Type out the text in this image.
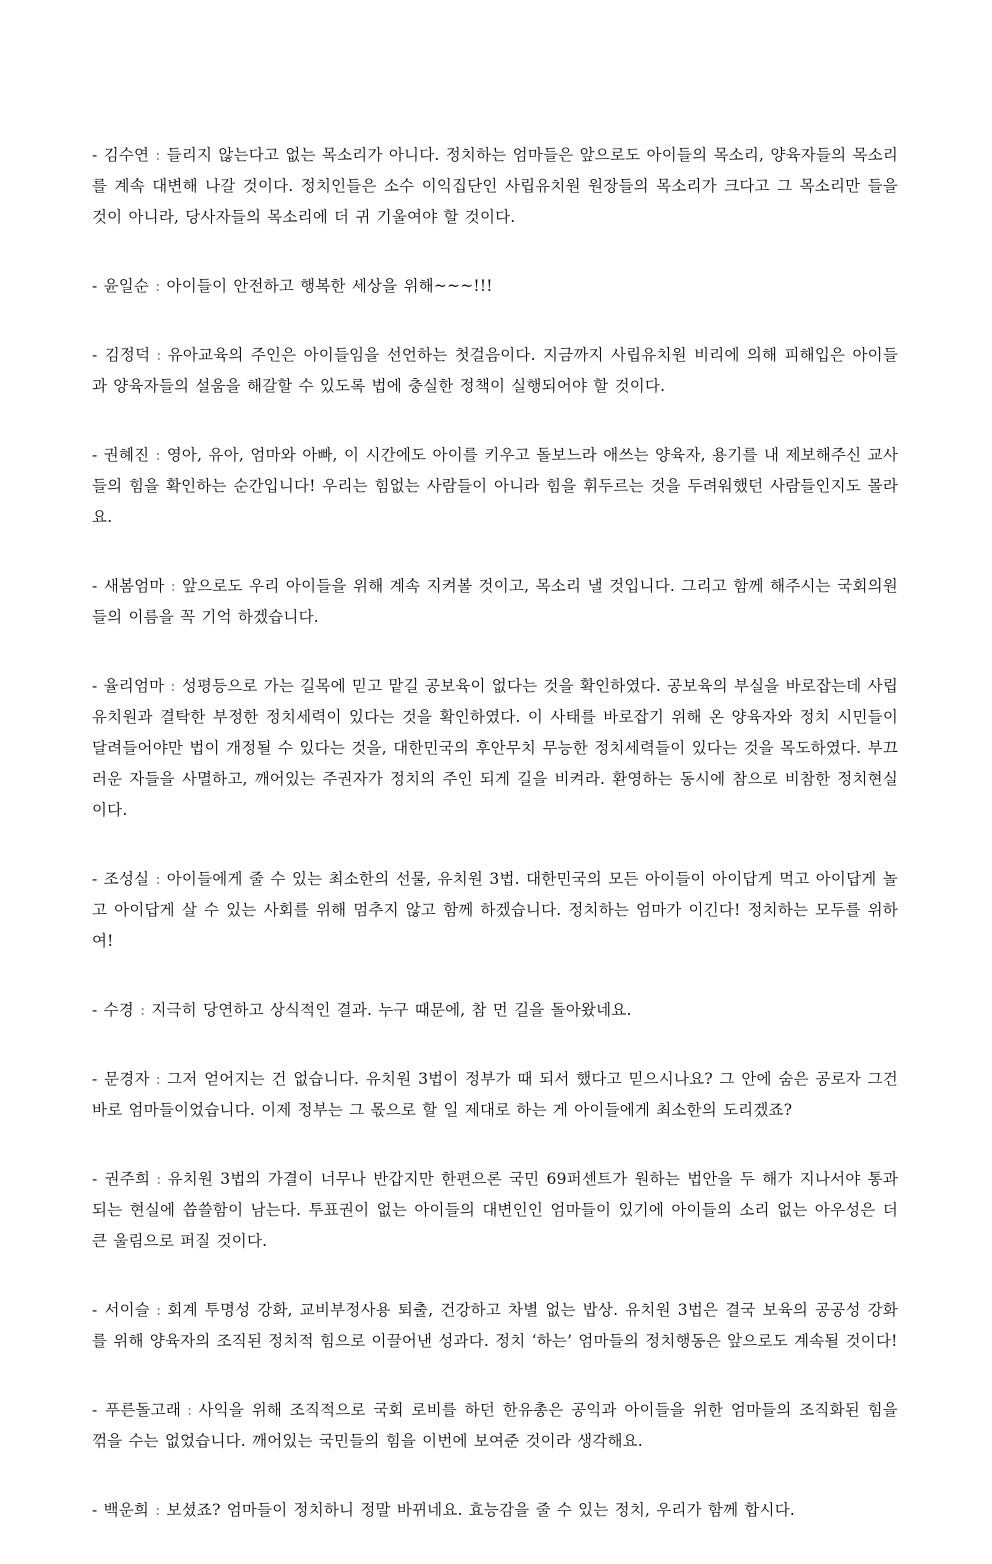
- 김수연 : 들리지 않는다고 없는 목소리가 아니다. 정치하는 엄마들은 앞으로도 아이들의 목소리, 양육자들의 목소리를 계속 대변해 나갈 것이다. 정치인들은 소수 이익집단인 사립유치원 원장들의 목소리가 크다고 그 목소리만 들을 것이 아니라, 당사자들의 목소리에 더 귀 기울여야 할 것이다.

- 윤일순 : 아이들이 안전하고 행복한 세상을 위해~~~!!!

- 김정덕 : 유아교육의 주인은 아이들임을 선언하는 첫걸음이다. 지금까지 사립유치원 비리에 의해 피해입은 아이들과 양육자들의 설움을 해갈할 수 있도록 법에 충실한 정책이 실행되어야 할 것이다.

- 권혜진 : 영아, 유아, 엄마와 아빠, 이 시간에도 아이를 키우고 돌보느라 애쓰는 양육자, 용기를 내 제보해주신 교사들의 힘을 확인하는 순간입니다! 우리는 힘없는 사람들이 아니라 힘을 휘두르는 것을 두려워했던 사람들인지도 몰라요.

- 새봄엄마 : 앞으로도 우리 아이들을 위해 계속 지켜볼 것이고, 목소리 낼 것입니다. 그리고 함께 해주시는 국회의원들의 이름을 꼭 기억 하겠습니다.

- 율리엄마 : 성평등으로 가는 길목에 믿고 맡길 공보육이 없다는 것을 확인하였다. 공보육의 부실을 바로잡는데 사립유치원과 결탁한 부정한 정치세력이 있다는 것을 확인하였다. 이 사태를 바로잡기 위해 온 양육자와 정치 시민들이 달려들어야만 법이 개정될 수 있다는 것을, 대한민국의 후안무치 무능한 정치세력들이 있다는 것을 목도하였다. 부끄러운 자들을 사멸하고, 깨어있는 주권자가 정치의 주인 되게 길을 비켜라. 환영하는 동시에 참으로 비참한 정치현실이다.

- 조성실 : 아이들에게 줄 수 있는 최소한의 선물, 유치원 3법. 대한민국의 모든 아이들이 아이답게 먹고 아이답게 놀고 아이답게 살 수 있는 사회를 위해 멈추지 않고 함께 하겠습니다. 정치하는 엄마가 이긴다! 정치하는 모두를 위하여!

- 수경 : 지극히 당연하고 상식적인 결과. 누구 때문에, 참 먼 길을 돌아왔네요.

- 문경자 : 그저 얻어지는 건 없습니다. 유치원 3법이 정부가 때 되서 했다고 믿으시나요? 그 안에 숨은 공로자 그건 바로 엄마들이었습니다. 이제 정부는 그 몫으로 할 일 제대로 하는 게 아이들에게 최소한의 도리겠죠?

- 권주희 : 유치원 3법의 가결이 너무나 반갑지만 한편으론 국민 69퍼센트가 원하는 법안을 두 해가 지나서야 통과되는 현실에 씁쓸함이 남는다. 투표권이 없는 아이들의 대변인인 엄마들이 있기에 아이들의 소리 없는 아우성은 더 큰 울림으로 퍼질 것이다.

- 서이슬 : 회계 투명성 강화, 교비부정사용 퇴출, 건강하고 차별 없는 밥상. 유치원 3법은 결국 보육의 공공성 강화를 위해 양육자의 조직된 정치적 힘으로 이끌어낸 성과다. 정치 ‘하는’ 엄마들의 정치행동은 앞으로도 계속될 것이다!

- 푸른돌고래 : 사익을 위해 조직적으로 국회 로비를 하던 한유총은 공익과 아이들을 위한 엄마들의 조직화된 힘을 꺾을 수는 없었습니다. 깨어있는 국민들의 힘을 이번에 보여준 것이라 생각해요.

- 백운희 : 보셨죠? 엄마들이 정치하니 정말 바뀌네요. 효능감을 줄 수 있는 정치, 우리가 함께 합시다.
